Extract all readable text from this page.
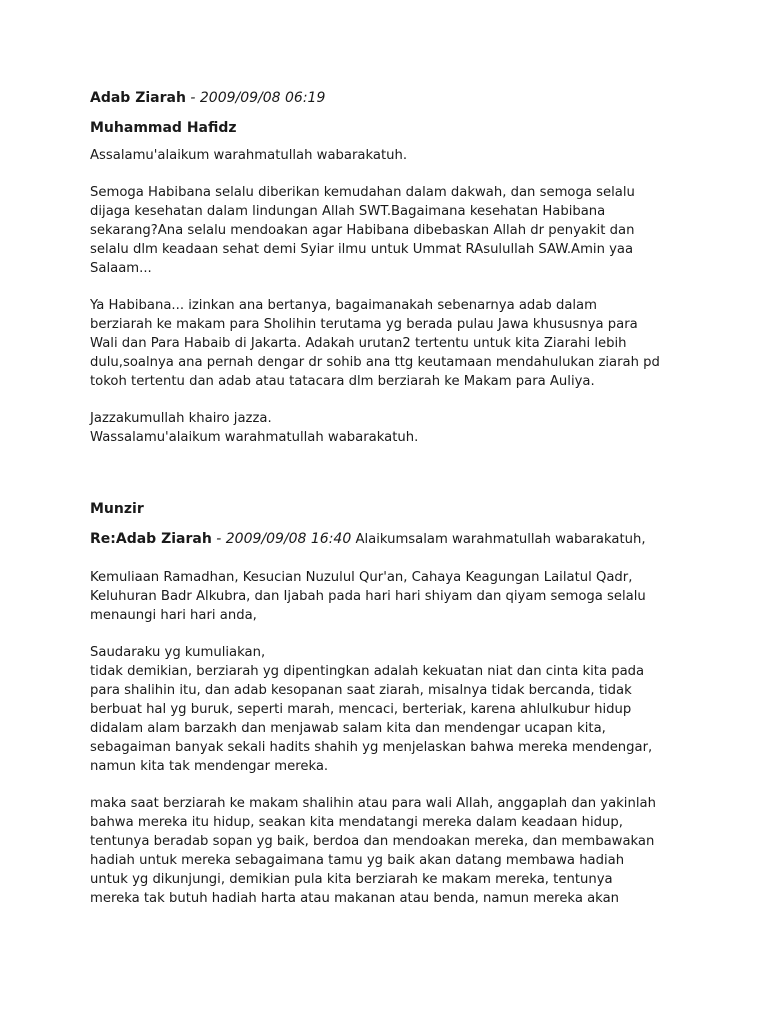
Adab Ziarah - 2009/09/08 06:19
Muhammad Hafidz

Assalamu'alaikum warahmatullah wabarakatuh.

Semoga Habibana selalu diberikan kemudahan dalam dakwah, dan semoga selalu
dijaga kesehatan dalam lindungan Allah SWT.Bagaimana kesehatan Habibana
sekarang?Ana selalu mendoakan agar Habibana dibebaskan Allah dr penyakit dan
selalu dlm keadaan sehat demi Syiar ilmu untuk Ummat RAsulullah SAW.Amin yaa
Salaam...

Ya Habibana... izinkan ana bertanya, bagaimanakah sebenarnya adab dalam
berziarah ke makam para Sholihin terutama yg berada pulau Jawa khususnya para
Wali dan Para Habaib di Jakarta. Adakah urutan2 tertentu untuk kita Ziarahi lebih
dulu,soalnya ana pernah dengar dr sohib ana ttg keutamaan mendahulukan ziarah pd
tokoh tertentu dan adab atau tatacara dlm berziarah ke Makam para Auliya.

Jazzakumullah khairo jazza.
Wassalamu'alaikum warahmatullah wabarakatuh.

Munzir
Re:Adab Ziarah - 2009/09/08 16:40 Alaikumsalam warahmatullah wabarakatuh,

Kemuliaan Ramadhan, Kesucian Nuzulul Qur'an, Cahaya Keagungan Lailatul Qadr,
Keluhuran Badr Alkubra, dan Ijabah pada hari hari shiyam dan qiyam semoga selalu
menaungi hari hari anda,

Saudaraku yg kumuliakan,
tidak demikian, berziarah yg dipentingkan adalah kekuatan niat dan cinta kita pada
para shalihin itu, dan adab kesopanan saat ziarah, misalnya tidak bercanda, tidak
berbuat hal yg buruk, seperti marah, mencaci, berteriak, karena ahlulkubur hidup
didalam alam barzakh dan menjawab salam kita dan mendengar ucapan kita,
sebagaiman banyak sekali hadits shahih yg menjelaskan bahwa mereka mendengar,
namun kita tak mendengar mereka.

maka saat berziarah ke makam shalihin atau para wali Allah, anggaplah dan yakinlah
bahwa mereka itu hidup, seakan kita mendatangi mereka dalam keadaan hidup,
tentunya beradab sopan yg baik, berdoa dan mendoakan mereka, dan membawakan
hadiah untuk mereka sebagaimana tamu yg baik akan datang membawa hadiah
untuk yg dikunjungi, demikian pula kita berziarah ke makam mereka, tentunya
mereka tak butuh hadiah harta atau makanan atau benda, namun mereka akan
